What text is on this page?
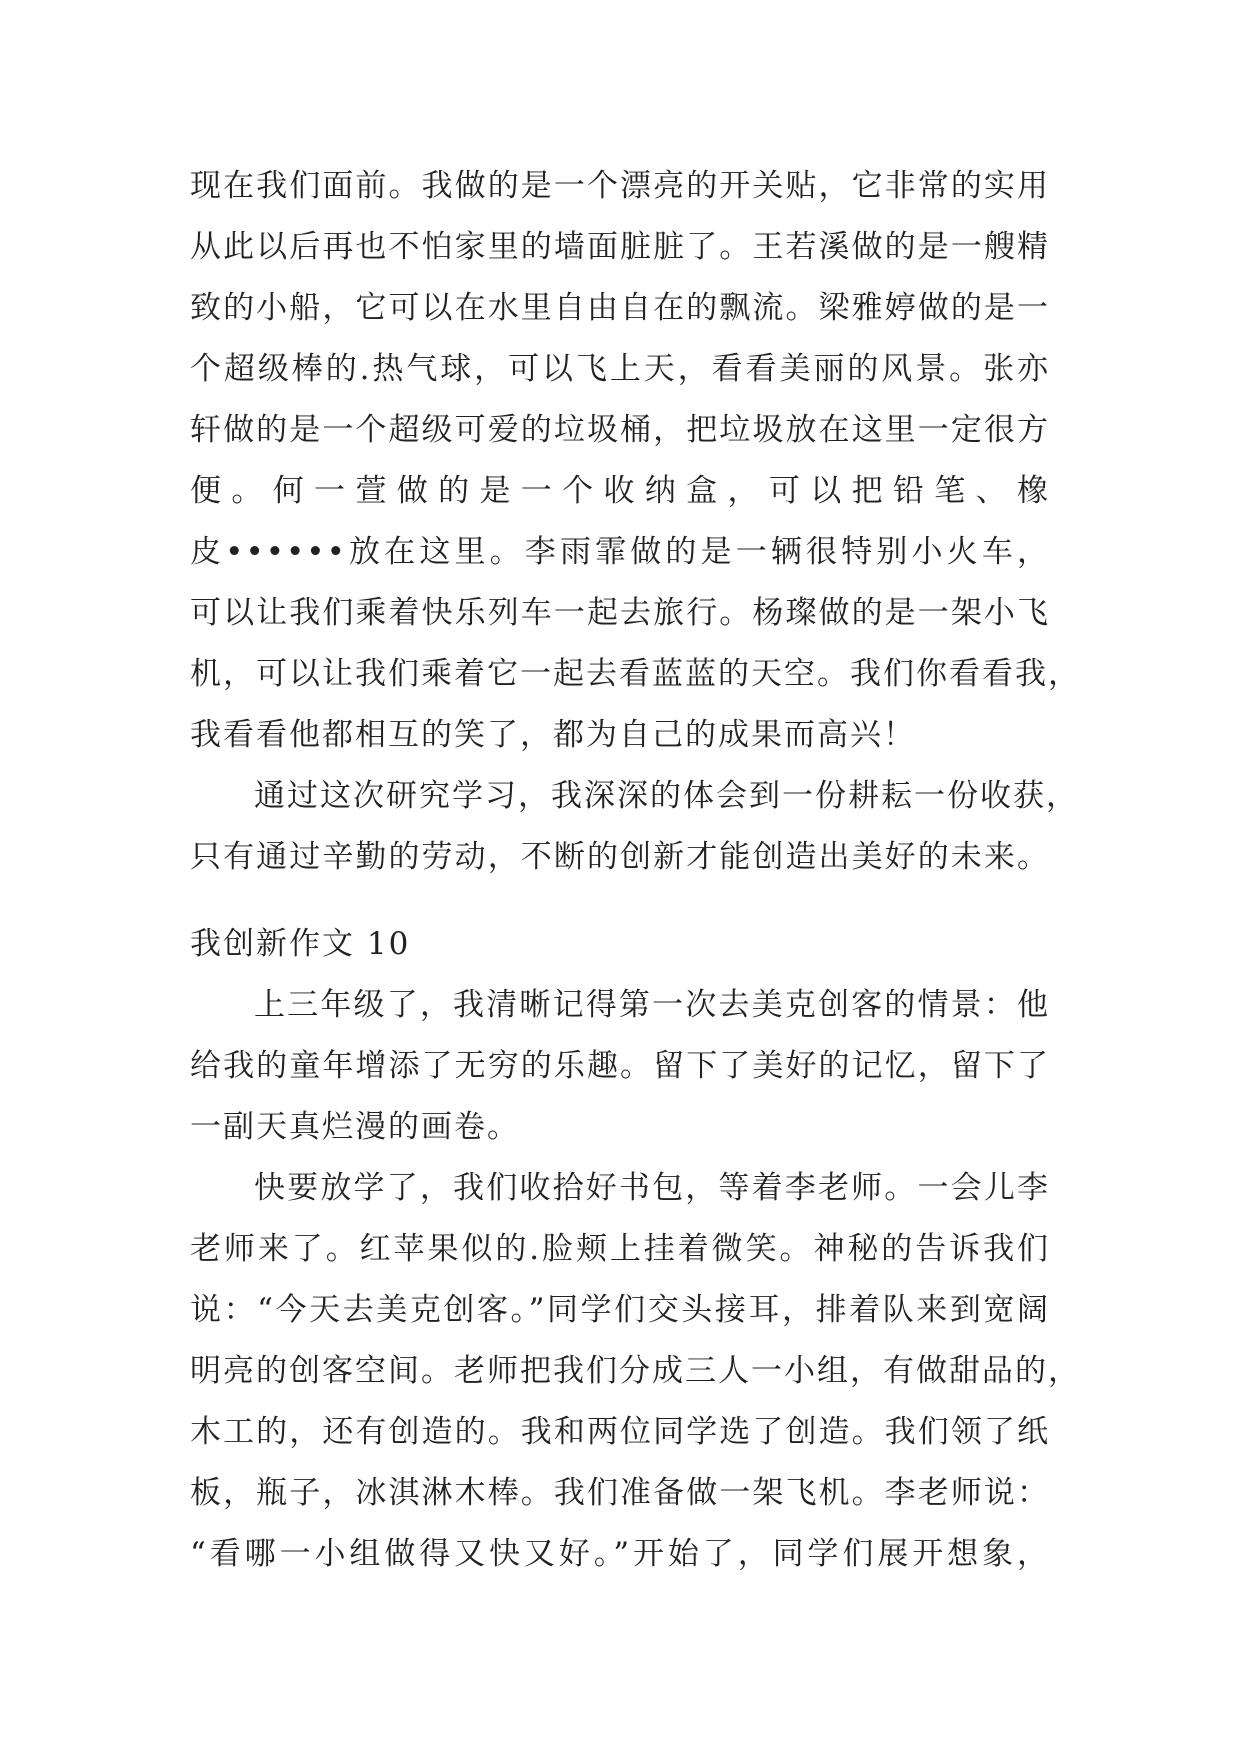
现在我们面前。我做的是一个漂亮的开关贴，它非常的实用
从此以后再也不怕家里的墙面脏脏了。王若溪做的是一艘精
致的小船，它可以在水里自由自在的飘流。梁雅婷做的是一
个超级棒的.热气球，可以飞上天，看看美丽的风景。张亦
轩做的是一个超级可爱的垃圾桶，把垃圾放在这里一定很方
便。何一萱做的是一个收纳盒，可以把铅笔、橡
皮••••••放在这里。李雨霏做的是一辆很特别小火车，
可以让我们乘着快乐列车一起去旅行。杨璨做的是一架小飞
机，可以让我们乘着它一起去看蓝蓝的天空。我们你看看我，
我看看他都相互的笑了，都为自己的成果而高兴！
通过这次研究学习，我深深的体会到一份耕耘一份收获，
只有通过辛勤的劳动，不断的创新才能创造出美好的未来。
我创新作文 10
上三年级了，我清晰记得第一次去美克创客的情景：他
给我的童年增添了无穷的乐趣。留下了美好的记忆，留下了
一副天真烂漫的画卷。
快要放学了，我们收拾好书包，等着李老师。一会儿李
老师来了。红苹果似的.脸颊上挂着微笑。神秘的告诉我们
说：“今天去美克创客。”同学们交头接耳，排着队来到宽阔
明亮的创客空间。老师把我们分成三人一小组，有做甜品的，
木工的，还有创造的。我和两位同学选了创造。我们领了纸
板，瓶子，冰淇淋木棒。我们准备做一架飞机。李老师说：
“看哪一小组做得又快又好。”开始了，同学们展开想象，
